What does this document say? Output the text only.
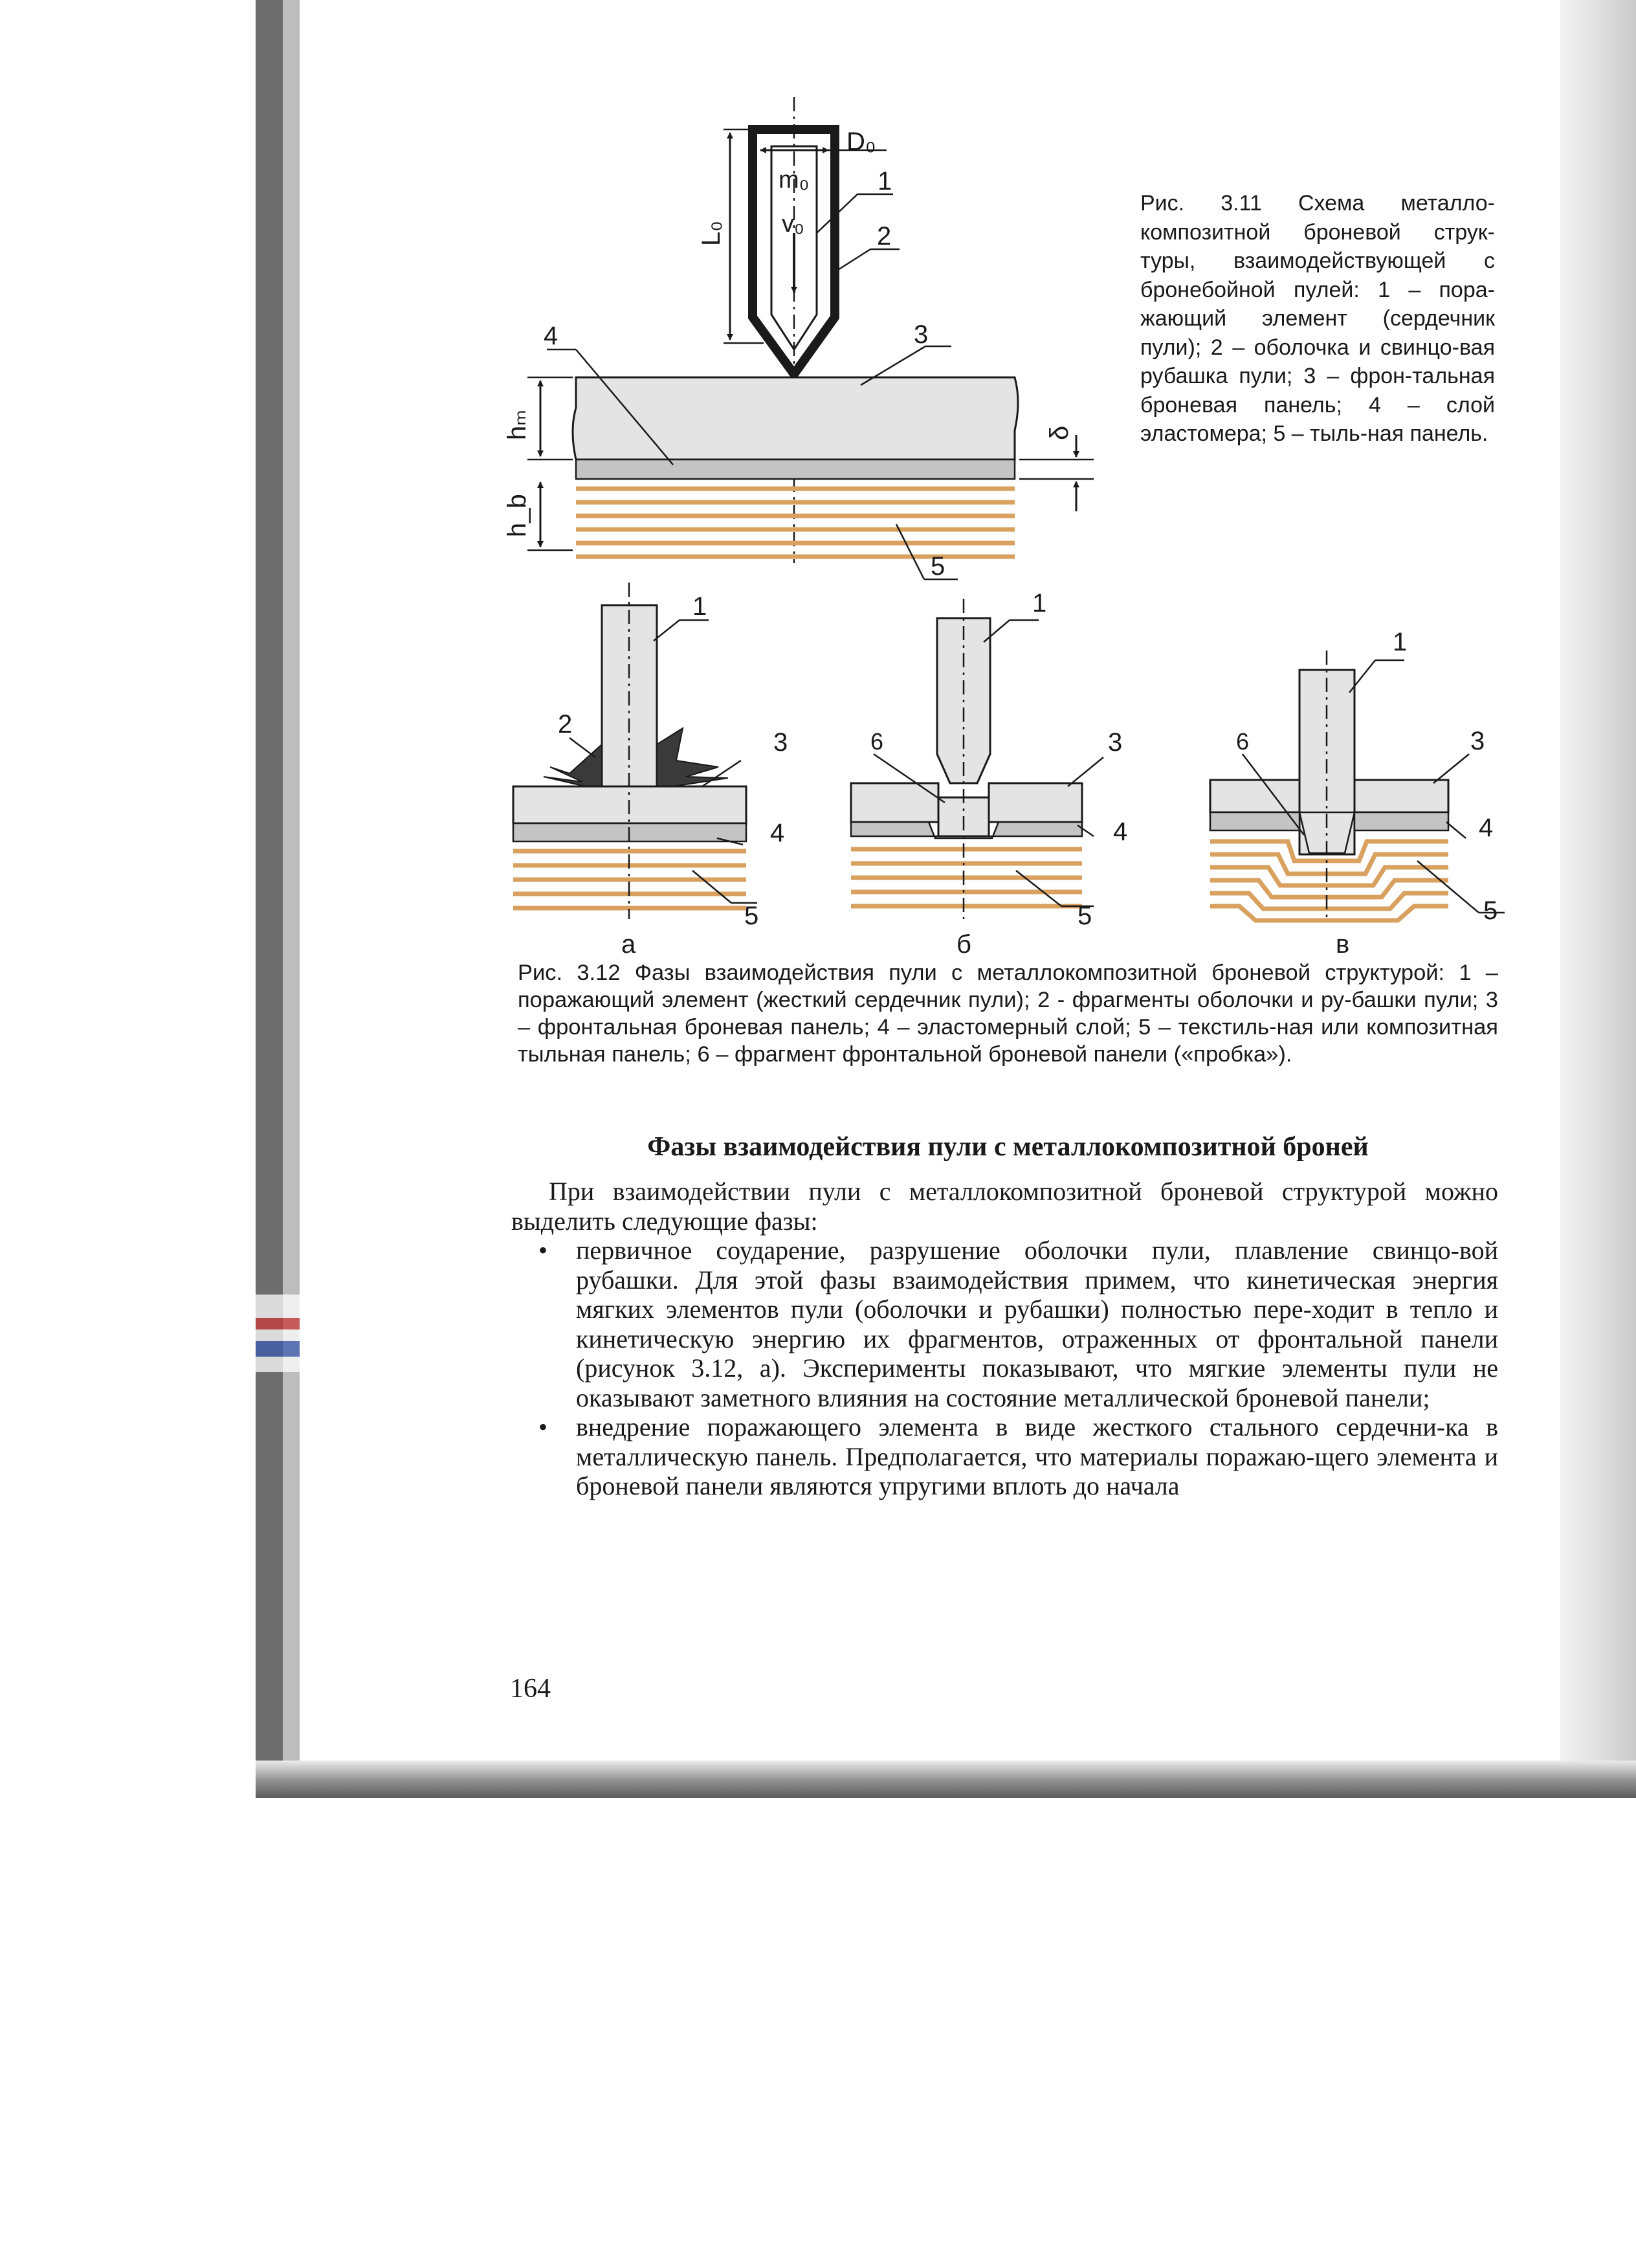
D₀
m₀
v₀
L₀
hₘ
h_b
δ
1
2
3
4
5
1
2
3
4
5
а
1
6	3
4
5
б
1
6	3
4
5
в
Рис. 3.11 Схема металло-композитной броневой струк-туры, взаимодействующей с бронебойной пулей: 1 – пора-жающий элемент (сердечник пули); 2 – оболочка и свинцо-вая рубашка пули; 3 – фрон-тальная броневая панель; 4 – слой эластомера; 5 – тыль-ная панель.
Рис. 3.12 Фазы взаимодействия пули с металлокомпозитной броневой структурой: 1 – поражающий элемент (жесткий сердечник пули); 2 - фрагменты оболочки и ру-башки пули; 3 – фронтальная броневая панель; 4 – эластомерный слой; 5 – текстиль-ная или композитная тыльная панель; 6 – фрагмент фронтальной броневой панели («пробка»).
Фазы взаимодействия пули с металлокомпозитной броней

При взаимодействии пули с металлокомпозитной броневой структурой можно выделить следующие фазы:

• первичное соударение, разрушение оболочки пули, плавление свинцо-вой рубашки. Для этой фазы взаимодействия примем, что кинетическая энергия мягких элементов пули (оболочки и рубашки) полностью пере-ходит в тепло и кинетическую энергию их фрагментов, отраженных от фронтальной панели (рисунок 3.12, а). Эксперименты показывают, что мягкие элементы пули не оказывают заметного влияния на состояние металлической броневой панели;
• внедрение поражающего элемента в виде жесткого стального сердечни-ка в металлическую панель. Предполагается, что материалы поражаю-щего элемента и броневой панели являются упругими вплоть до начала
164
